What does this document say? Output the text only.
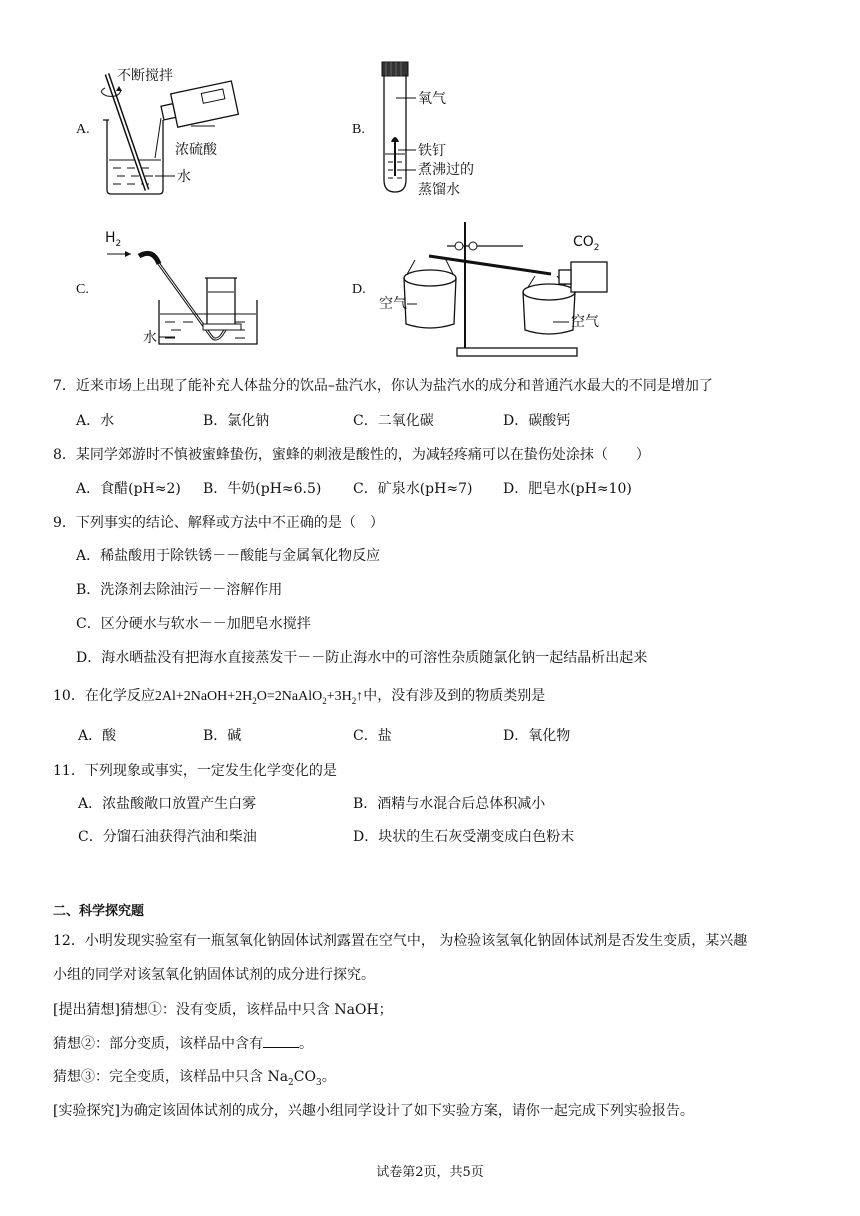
A.
不断搅拌
浓硫酸
水
B.
氧气
铁钉
煮沸过的
蒸馏水
C.
$H_2$
水
D.
$CO_2$
空气
空气
7．近来市场上出现了能补充人体盐分的饮品–盐汽水，你认为盐汽水的成分和普通汽水最大的不同是增加了
A．水	B．氯化钠	C．二氧化碳	D．碳酸钙
8．某同学郊游时不慎被蜜蜂蛰伤，蜜蜂的刺液是酸性的，为减轻疼痛可以在蛰伤处涂抹（　　）
A．食醋(pH≈2) B．牛奶(pH≈6.5) C．矿泉水(pH≈7) D．肥皂水(pH≈10)
9．下列事实的结论、解释或方法中不正确的是（　）
A．稀盐酸用于除铁锈－－酸能与金属氧化物反应
B．洗涤剂去除油污－－溶解作用
C．区分硬水与软水－－加肥皂水搅拌
D．海水晒盐没有把海水直接蒸发干－－防止海水中的可溶性杂质随氯化钠一起结晶析出起来
10．在化学反应$2Al+2NaOH+2H_2O=2NaAlO_2+3H_2↑$中，没有涉及到的物质类别是
A．酸	B．碱	C．盐	D．氧化物
11．下列现象或事实，一定发生化学变化的是
A．浓盐酸敞口放置产生白雾	B．酒精与水混合后总体积减小
C．分馏石油获得汽油和柴油	D．块状的生石灰受潮变成白色粉末
二、科学探究题
12．小明发现实验室有一瓶氢氧化钠固体试剂露置在空气中， 为检验该氢氧化钠固体试剂是否发生变质，某兴趣
小组的同学对该氢氧化钠固体试剂的成分进行探究。
[提出猜想]猜想①：没有变质，该样品中只含 NaOH；
猜想②：部分变质，该样品中含有	。
猜想③：完全变质，该样品中只含 $Na_2CO_3$。
[实验探究]为确定该固体试剂的成分，兴趣小组同学设计了如下实验方案，请你一起完成下列实验报告。
试卷第2页，共5页
